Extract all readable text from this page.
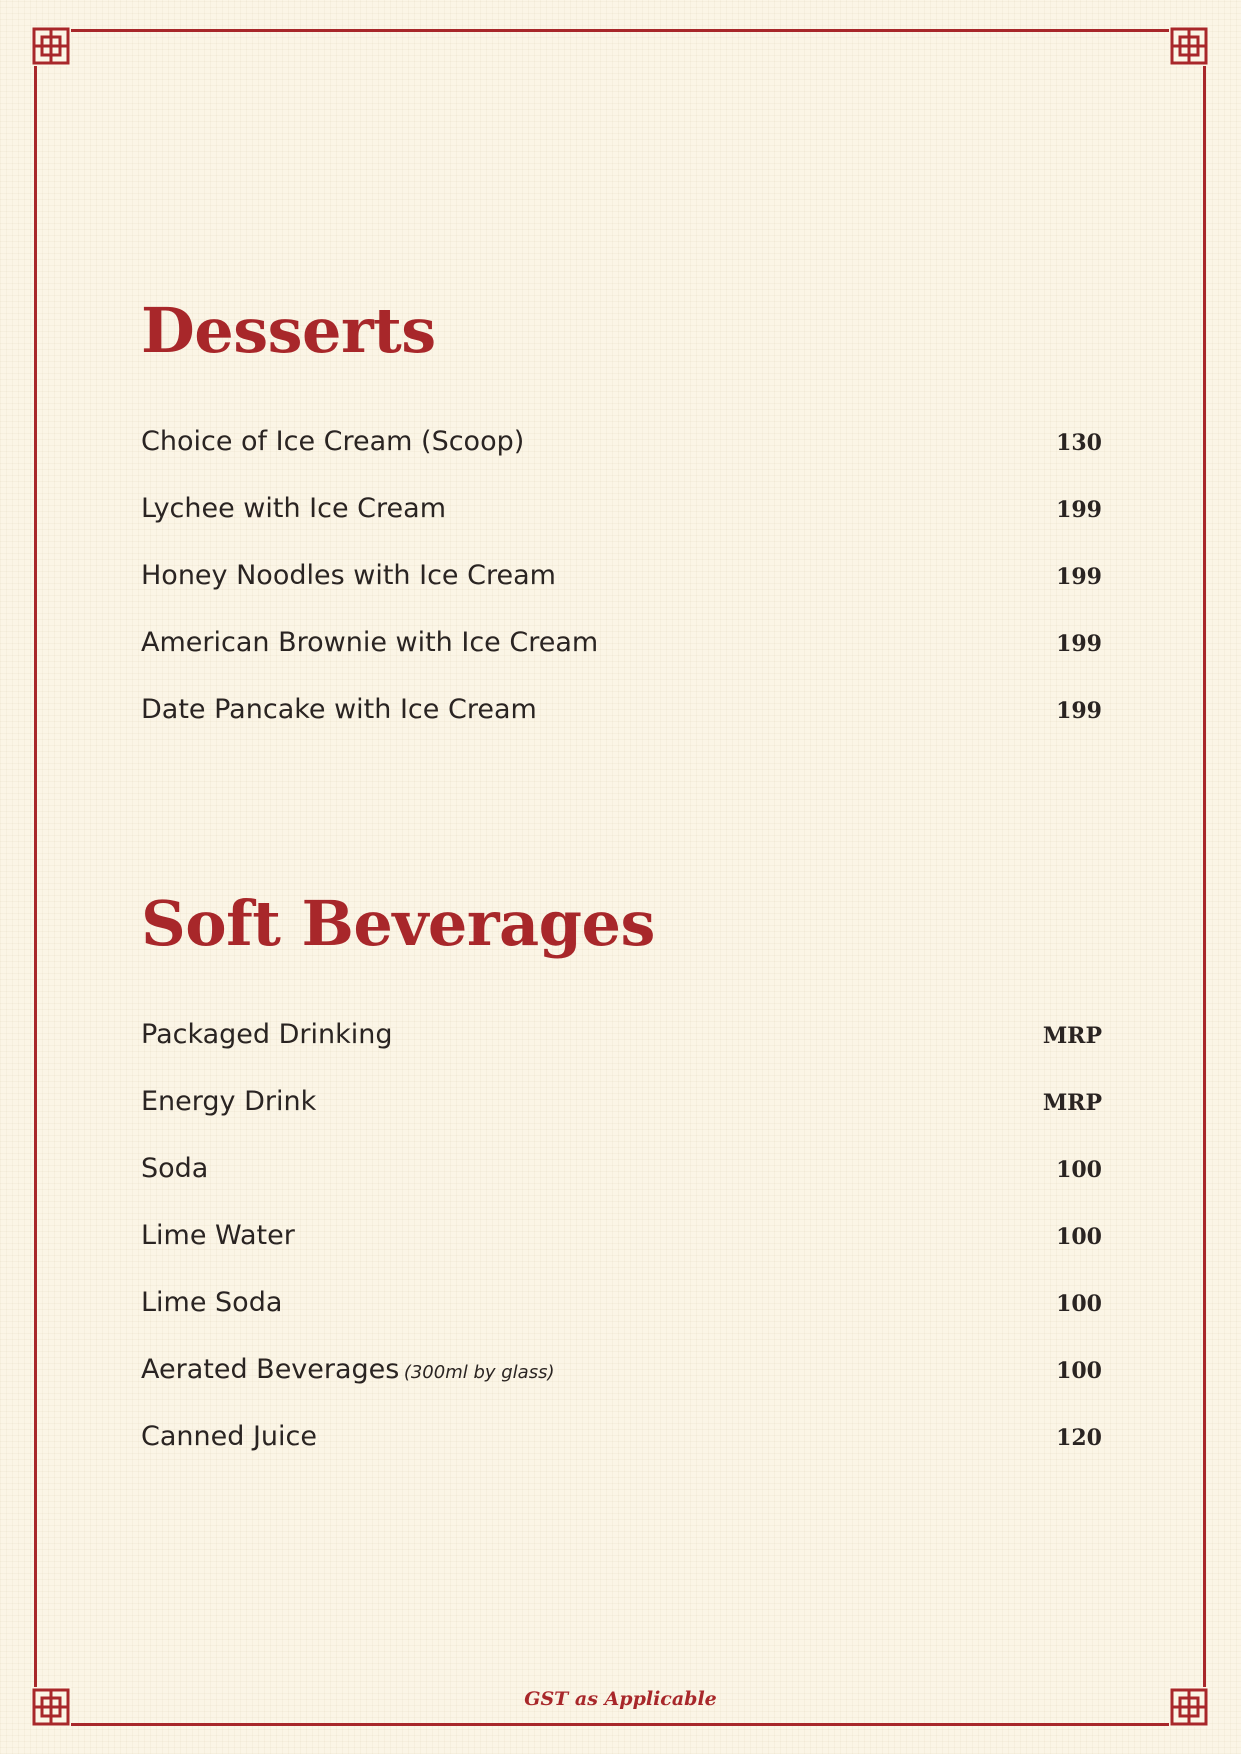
Desserts
Choice of Ice Cream (Scoop)	130
Lychee with Ice Cream	199
Honey Noodles with Ice Cream	199
American Brownie with Ice Cream	199
Date Pancake with Ice Cream	199
Soft Beverages
Packaged Drinking	MRP
Energy Drink	MRP
Soda	100
Lime Water	100
Lime Soda	100
Aerated Beverages (300ml by glass)	100
Canned Juice	120
GST as Applicable
